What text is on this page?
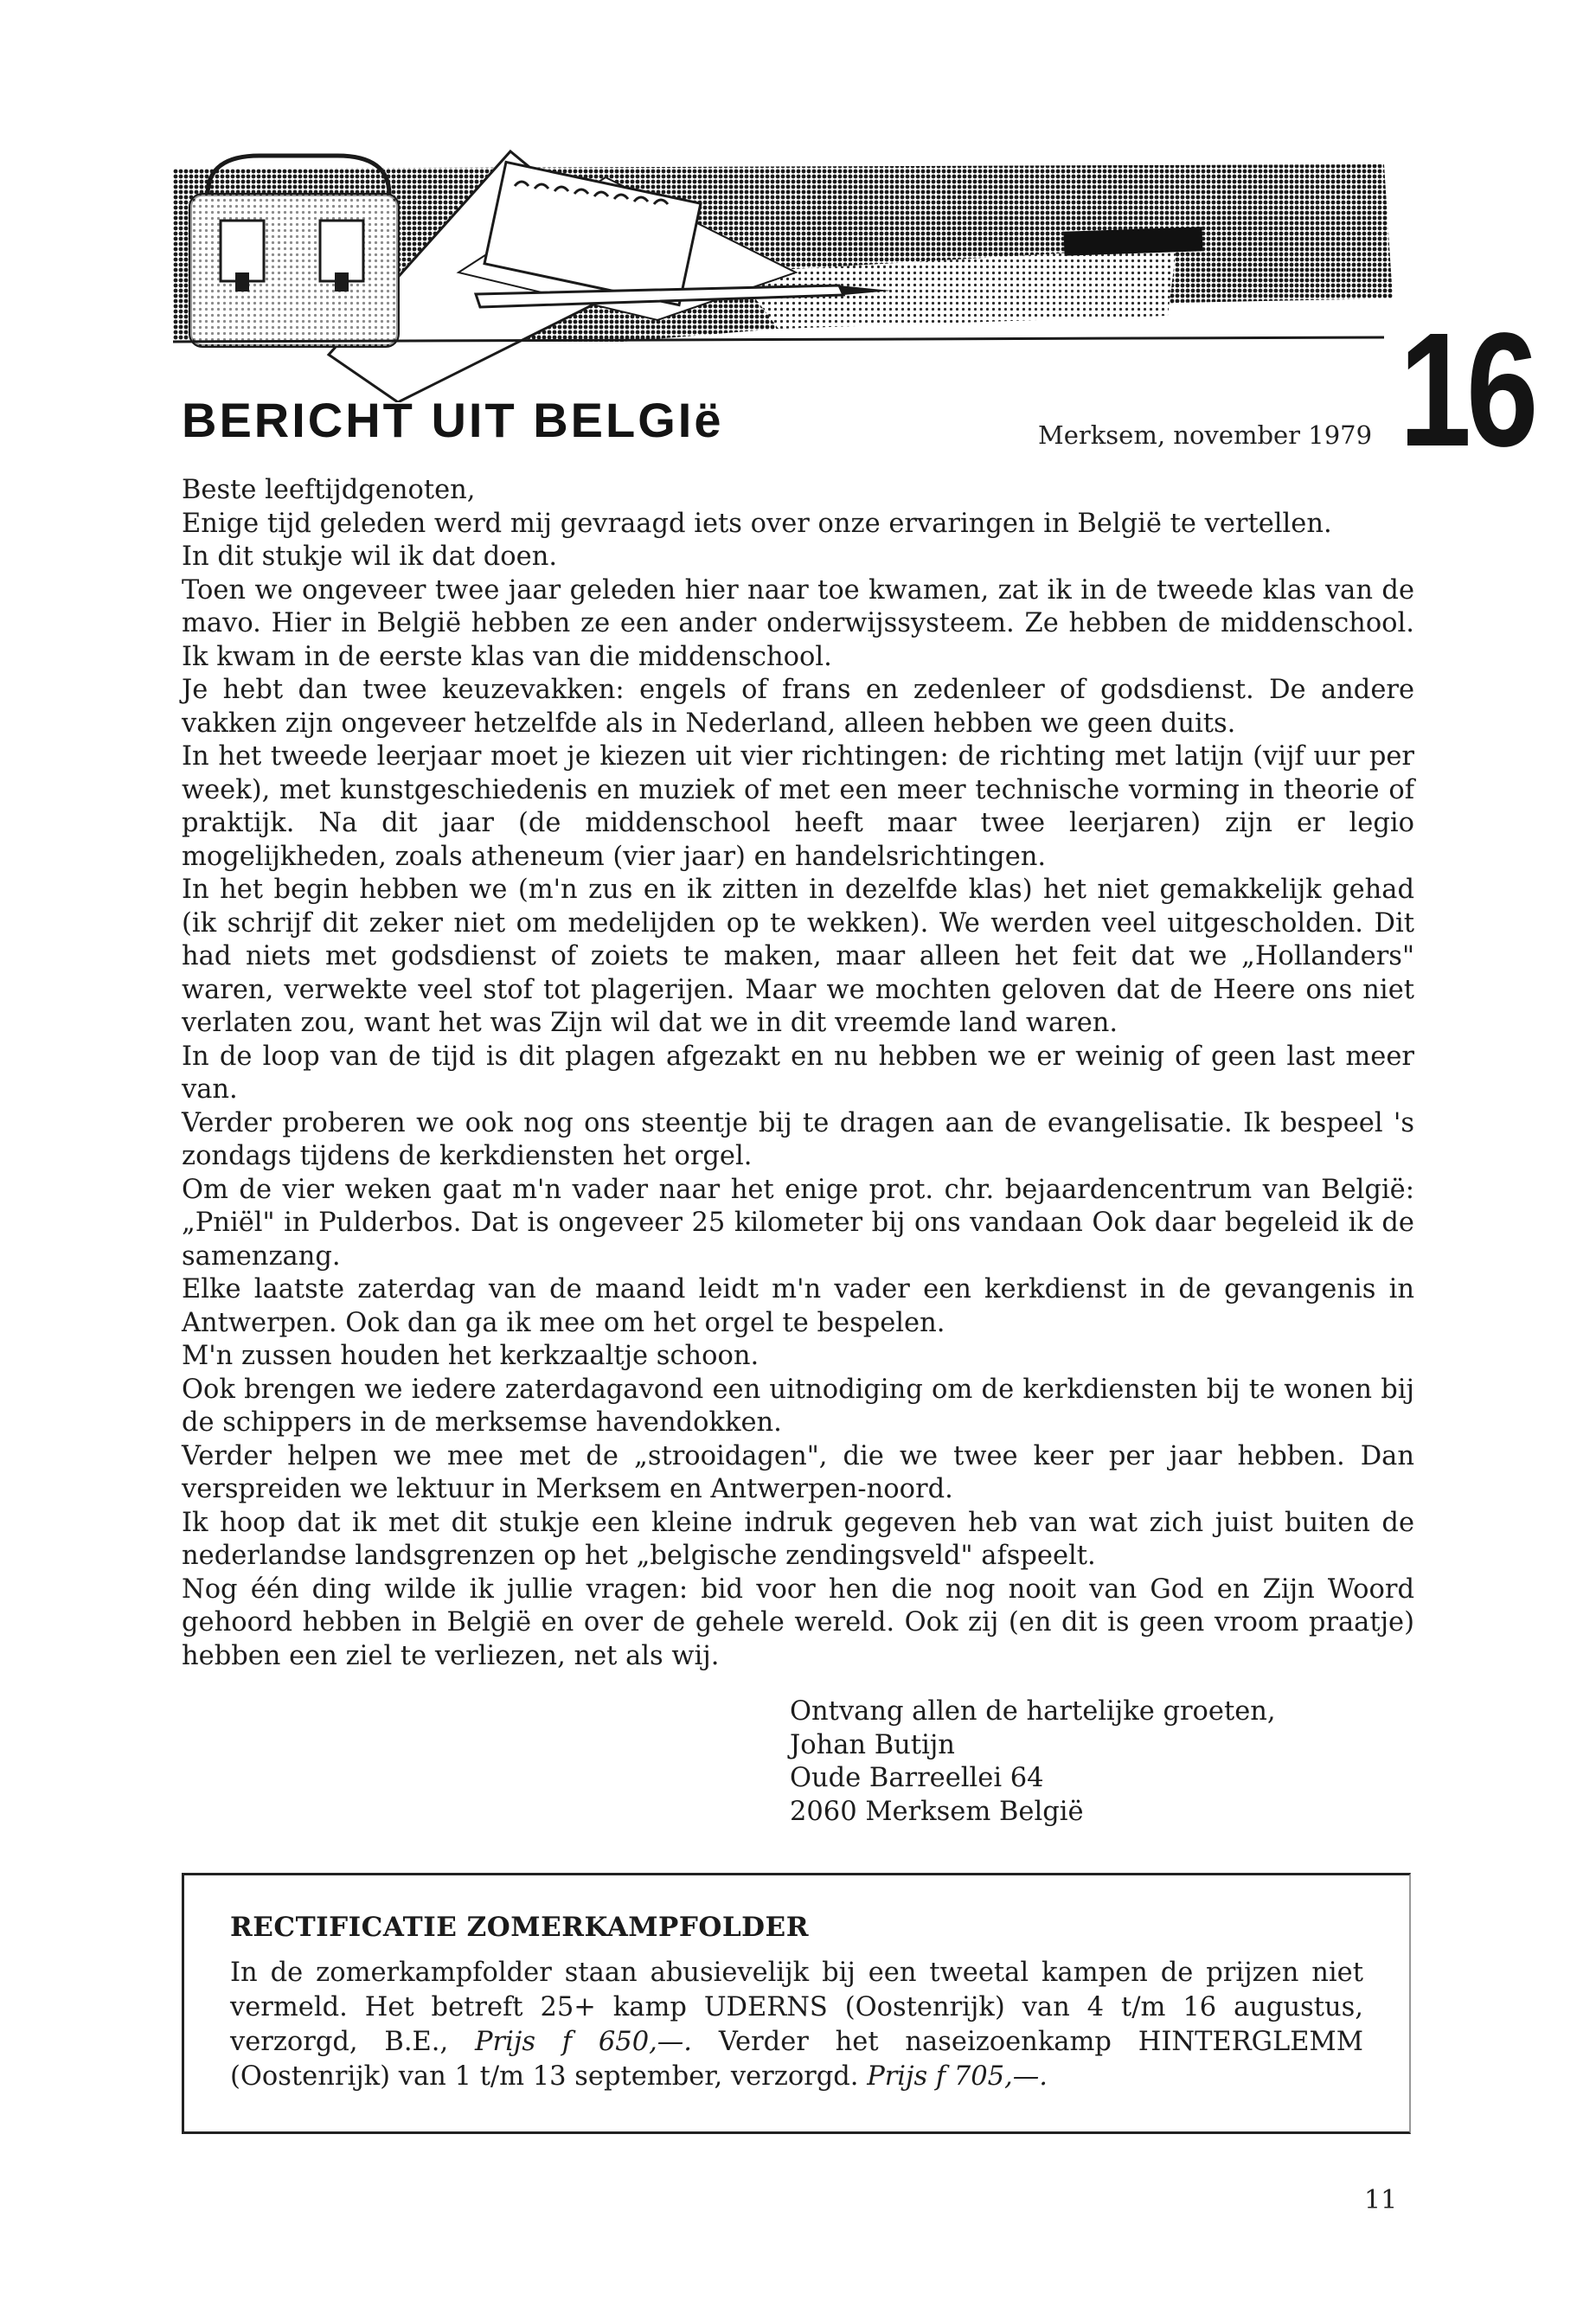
16
BERICHT UIT BELGIë	Merksem, november 1979

Beste leeftijdgenoten,

Enige tijd geleden werd mij gevraagd iets over onze ervaringen in België te vertellen.

In dit stukje wil ik dat doen.

Toen we ongeveer twee jaar geleden hier naar toe kwamen, zat ik in de tweede klas van de mavo. Hier in België hebben ze een ander onderwijssysteem. Ze hebben de middenschool. Ik kwam in de eerste klas van die middenschool.

Je hebt dan twee keuzevakken: engels of frans en zedenleer of godsdienst. De andere vakken zijn ongeveer hetzelfde als in Nederland, alleen hebben we geen duits.

In het tweede leerjaar moet je kiezen uit vier richtingen: de richting met latijn (vijf uur per week), met kunstgeschiedenis en muziek of met een meer technische vorming in theorie of praktijk. Na dit jaar (de middenschool heeft maar twee leerjaren) zijn er legio mogelijkheden, zoals atheneum (vier jaar) en handelsrichtingen.

In het begin hebben we (m'n zus en ik zitten in dezelfde klas) het niet gemakkelijk gehad (ik schrijf dit zeker niet om medelijden op te wekken). We werden veel uitgescholden. Dit had niets met godsdienst of zoiets te maken, maar alleen het feit dat we „Hollanders" waren, verwekte veel stof tot plagerijen. Maar we mochten geloven dat de Heere ons niet verlaten zou, want het was Zijn wil dat we in dit vreemde land waren.

In de loop van de tijd is dit plagen afgezakt en nu hebben we er weinig of geen last meer van.

Verder proberen we ook nog ons steentje bij te dragen aan de evangelisatie. Ik bespeel 's zondags tijdens de kerkdiensten het orgel.

Om de vier weken gaat m'n vader naar het enige prot. chr. bejaardencentrum van België: „Pniël" in Pulderbos. Dat is ongeveer 25 kilometer bij ons vandaan Ook daar begeleid ik de samenzang.

Elke laatste zaterdag van de maand leidt m'n vader een kerkdienst in de gevangenis in Antwerpen. Ook dan ga ik mee om het orgel te bespelen.

M'n zussen houden het kerkzaaltje schoon.

Ook brengen we iedere zaterdagavond een uitnodiging om de kerkdiensten bij te wonen bij de schippers in de merksemse havendokken.

Verder helpen we mee met de „strooidagen", die we twee keer per jaar hebben. Dan verspreiden we lektuur in Merksem en Antwerpen-noord.

Ik hoop dat ik met dit stukje een kleine indruk gegeven heb van wat zich juist buiten de nederlandse landsgrenzen op het „belgische zendingsveld" afspeelt.

Nog één ding wilde ik jullie vragen: bid voor hen die nog nooit van God en Zijn Woord gehoord hebben in België en over de gehele wereld. Ook zij (en dit is geen vroom praatje) hebben een ziel te verliezen, net als wij.

Ontvang allen de hartelijke groeten,

Johan Butijn

Oude Barreellei 64

2060 Merksem België

RECTIFICATIE ZOMERKAMPFOLDER

In de zomerkampfolder staan abusievelijk bij een tweetal kampen de prijzen niet vermeld. Het betreft 25+ kamp UDERNS (Oostenrijk) van 4 t/m 16 augustus, verzorgd, B.E., Prijs f 650,—. Verder het naseizoenkamp HINTERGLEMM (Oostenrijk) van 1 t/m 13 september, verzorgd. Prijs f 705,—.

11
